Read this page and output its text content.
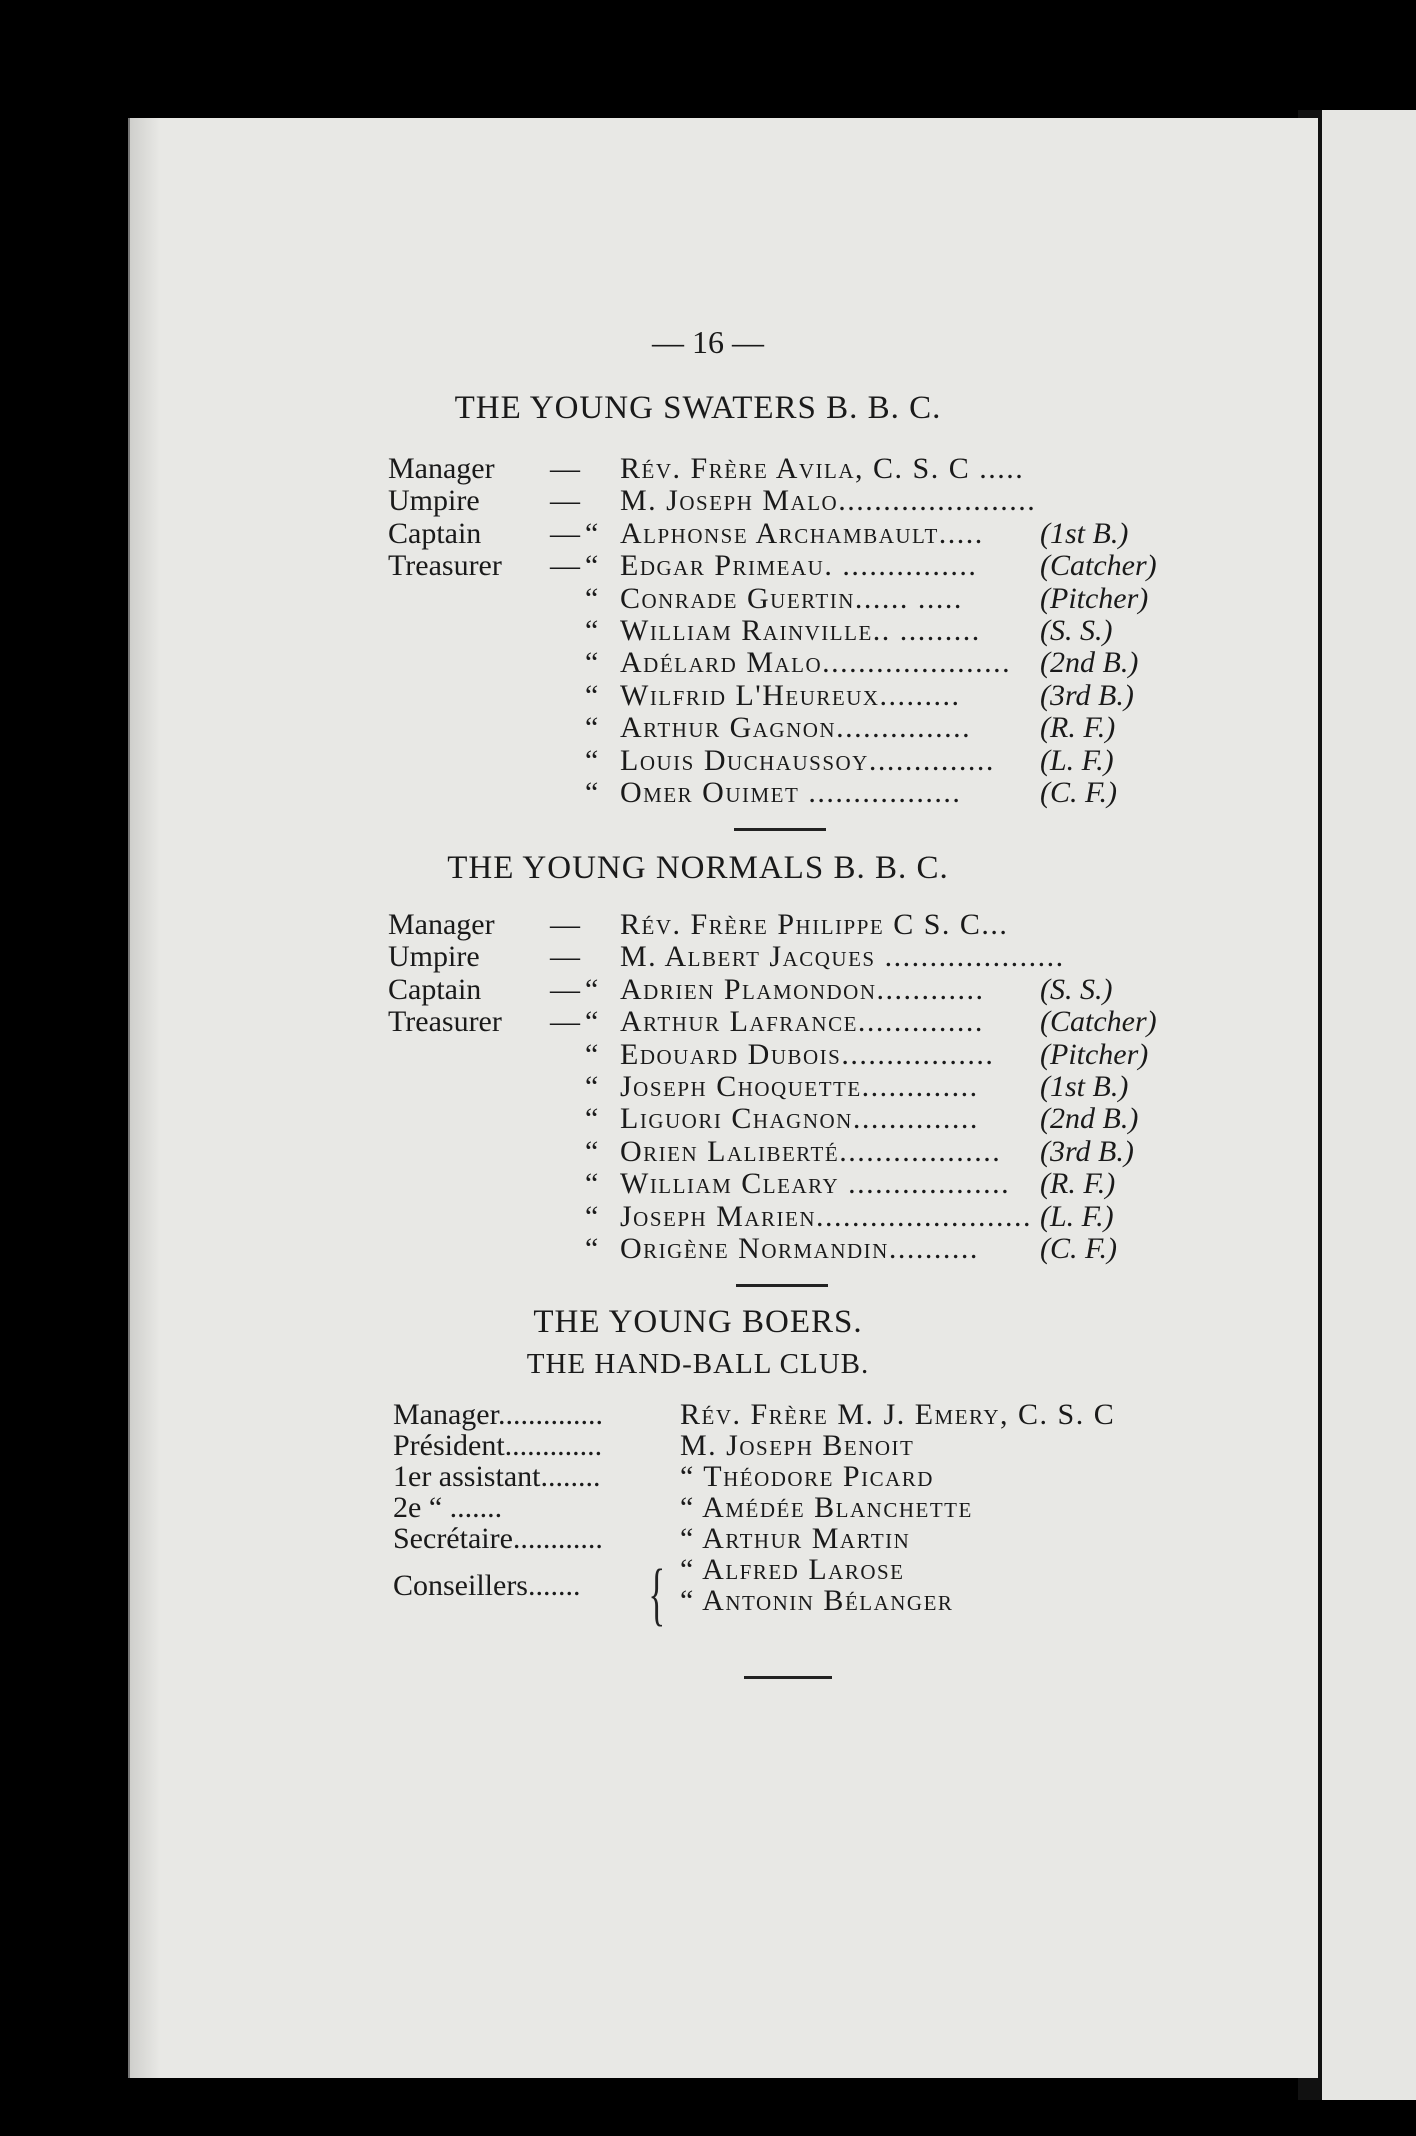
— 16 —
THE YOUNG SWATERS B. B. C.
Manager	—	Rév. Frère Avila, C. S. C .....
Umpire	—	M. Joseph Malo......................
Captain	— “ Alphonse Archambault..... (1st B.)
Treasurer	— “ Edgar Primeau. ............... (Catcher)
“ Conrade Guertin...... .....	(Pitcher)
“ William Rainville.. ......... (S. S.)
“ Adélard Malo..................... (2nd B.)
“ Wilfrid L'Heureux.........	(3rd B.)
“ Arthur Gagnon............... (R. F.)
“ Louis Duchaussoy.............. (L. F.)
“ Omer Ouimet .................	(C. F.)
THE YOUNG NORMALS B. B. C.
Manager	—	Rév. Frère Philippe C S. C...
Umpire	—	M. Albert Jacques ....................
Captain	— “ Adrien Plamondon............ (S. S.)
Treasurer	— “ Arthur Lafrance.............. (Catcher)
“ Edouard Dubois................. (Pitcher)
“ Joseph Choquette............. (1st B.)
“ Liguori Chagnon.............. (2nd B.)
“ Orien Laliberté.................. (3rd B.)
“ William Cleary .................. (R. F.)
“ Joseph Marien........................ (L. F.)
“ Origène Normandin.......... (C. F.)
THE YOUNG BOERS.
THE HAND-BALL CLUB.
Manager..............	Rév. Frère M. J. Emery, C. S. C
Président.............	M. Joseph Benoit
1er assistant........	“ Théodore Picard
2e “ .......	“ Amédée Blanchette
Secrétaire............	“ Arthur Martin
Conseillers.......	“ Alfred Larose
“ Antonin Bélanger
{
